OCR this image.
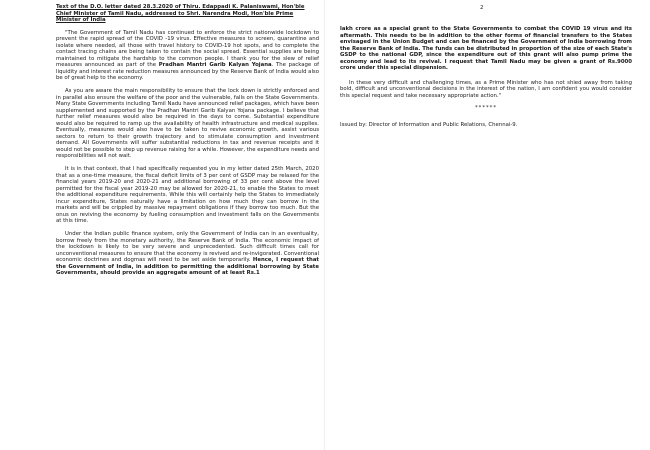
Text of the D.O. letter dated 28.3.2020 of Thiru. Edappadi K. Palaniswami, Hon'ble Chief Minister of Tamil Nadu, addressed to Shri. Narendra Modi, Hon'ble Prime Minister of India

"The Government of Tamil Nadu has continued to enforce the strict nationwide lockdown to prevent the rapid spread of the COVID -19 virus. Effective measures to screen, quarantine and isolate where needed, all those with travel history to COVID-19 hot spots, and to complete the contact tracing chains are being taken to contain the social spread. Essential supplies are being maintained to mitigate the hardship to the common people. I thank you for the slew of relief measures announced as part of the Pradhan Mantri Garib Kalyan Yojana. The package of liquidity and interest rate reduction measures announced by the Reserve Bank of India would also be of great help to the economy.

As you are aware the main responsibility to ensure that the lock down is strictly enforced and in parallel also ensure the welfare of the poor and the vulnerable, falls on the State Governments. Many State Governments including Tamil Nadu have announced relief packages, which have been supplemented and supported by the Pradhan Mantri Garib Kalyan Yojana package. I believe that further relief measures would also be required in the days to come. Substantial expenditure would also be required to ramp up the availability of health infrastructure and medical supplies. Eventually, measures would also have to be taken to revive economic growth, assist various sectors to return to their growth trajectory and to stimulate consumption and investment demand. All Governments will suffer substantial reductions in tax and revenue receipts and it would not be possible to step up revenue raising for a while. However, the expenditure needs and responsibilities will not wait.

It is in that context, that I had specifically requested you in my letter dated 25th March, 2020 that as a one-time measure, the fiscal deficit limits of 3 per cent of GSDP may be relaxed for the financial years 2019-20 and 2020-21 and additional borrowing of 33 per cent above the level permitted for the fiscal year 2019-20 may be allowed for 2020-21, to enable the States to meet the additional expenditure requirements. While this will certainly help the States to immediately incur expenditure, States naturally have a limitation on how much they can borrow in the markets and will be crippled by massive repayment obligations if they borrow too much. But the onus on reviving the economy by fueling consumption and investment falls on the Governments at this time.

Under the Indian public finance system, only the Government of India can in an eventuality, borrow freely from the monetary authority, the Reserve Bank of India. The economic impact of the lockdown is likely to be very severe and unprecedented. Such difficult times call for unconventional measures to ensure that the economy is revived and re-invigorated. Conventional economic doctrines and dogmas will need to be set aside temporarily. Hence, I request that the Government of India, in addition to permitting the additional borrowing by State Governments, should provide an aggregate amount of at least Rs.1

2

lakh crore as a special grant to the State Governments to combat the COVID 19 virus and its aftermath. This needs to be in addition to the other forms of financial transfers to the States envisaged in the Union Budget and can be financed by the Government of India borrowing from the Reserve Bank of India. The funds can be distributed in proportion of the size of each State's GSDP to the national GDP, since the expenditure out of this grant will also pump prime the economy and lead to its revival. I request that Tamil Nadu may be given a grant of Rs.9000 crore under this special dispension.

In these very difficult and challenging times, as a Prime Minister who has not shied away from taking bold, difficult and unconventional decisions in the interest of the nation, I am confident you would consider this special request and take necessary appropriate action."

******

Issued by: Director of Information and Public Relations, Chennai-9.
